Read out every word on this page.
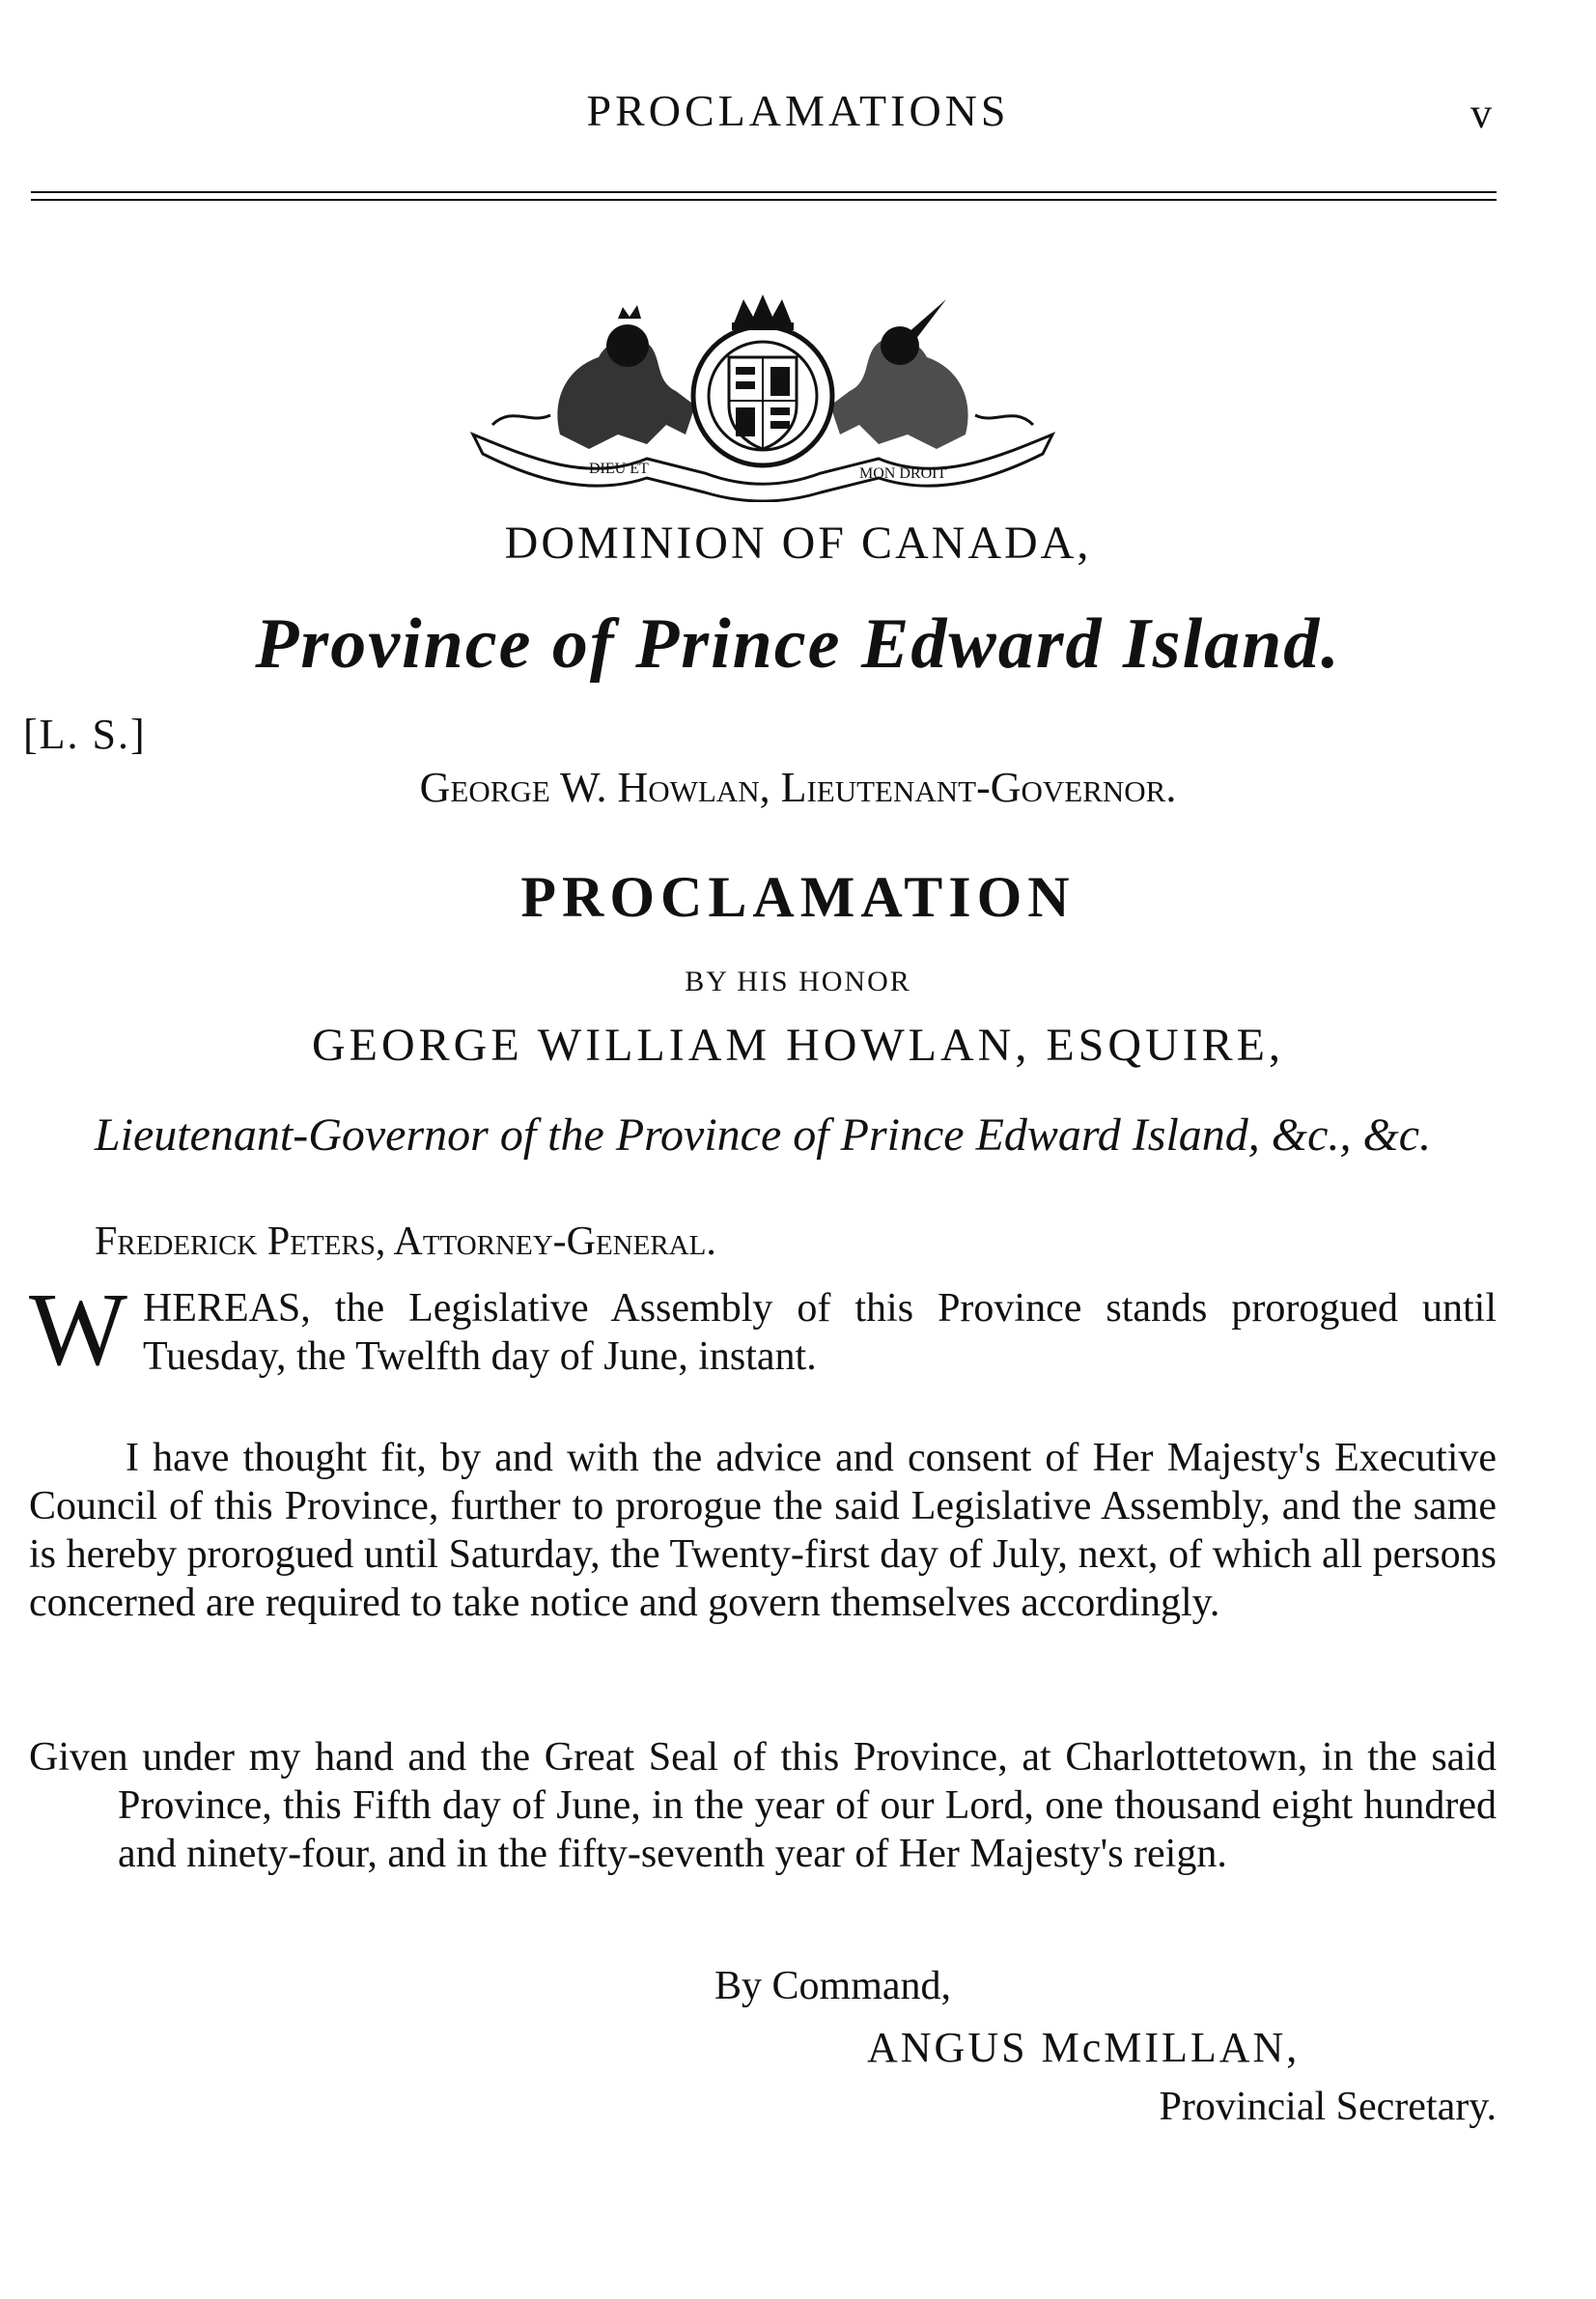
PROCLAMATIONS	v
DIEU ET	MON DROIT
DOMINION OF CANADA,
Province of Prince Edward Island.
[L. S.]
George W. Howlan, Lieutenant-Governor.
PROCLAMATION
BY HIS HONOR
GEORGE WILLIAM HOWLAN, ESQUIRE,
Lieutenant-Governor of the Province of Prince Edward Island, &c., &c.
Frederick Peters, Attorney-General.
W HEREAS, the Legislative Assembly of this Province stands prorogued until Tuesday, the Twelfth day of June, instant.
I have thought fit, by and with the advice and consent of Her Majesty's Executive Council of this Province, further to prorogue the said Legislative Assembly, and the same is hereby prorogued until Saturday, the Twenty-first day of July, next, of which all persons concerned are required to take notice and govern themselves accordingly.
Given under my hand and the Great Seal of this Province, at Charlottetown, in the said Province, this Fifth day of June, in the year of our Lord, one thousand eight hundred and ninety-four, and in the fifty-seventh year of Her Majesty's reign.
By Command,
ANGUS McMILLAN,
Provincial Secretary.
